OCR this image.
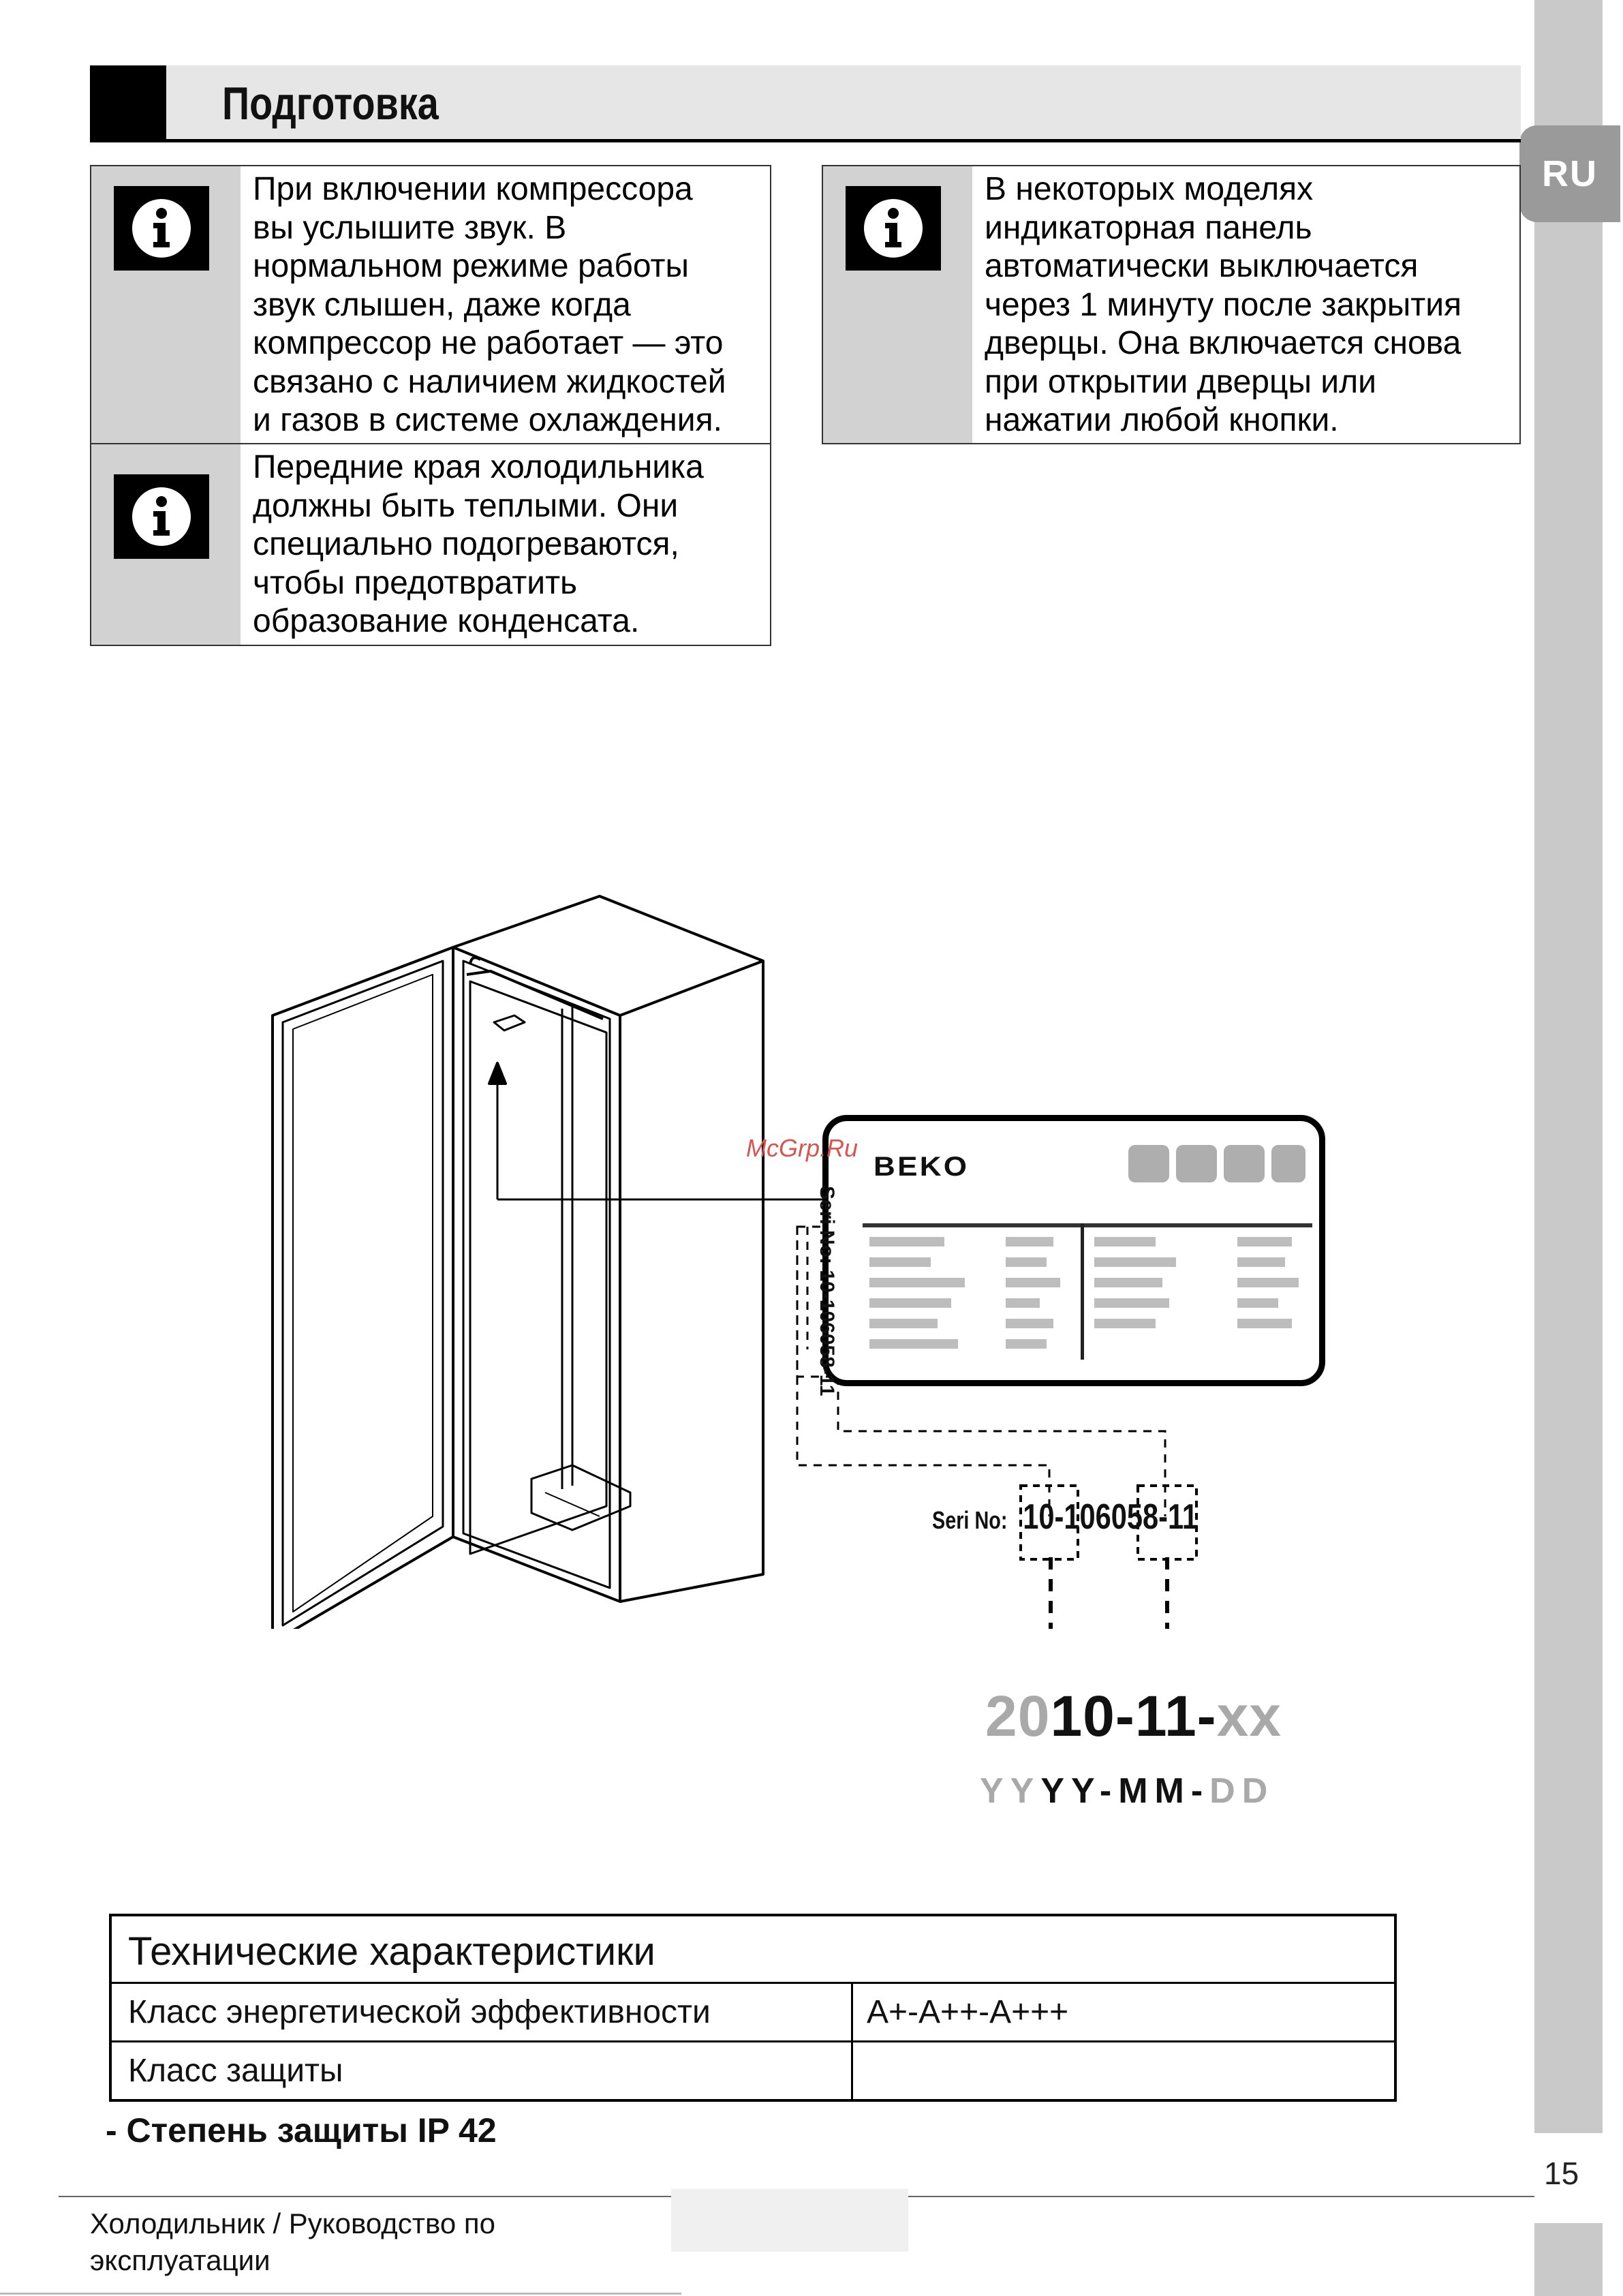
RU
Подготовка
При включении компрессора
вы услышите звук. В
нормальном режиме работы
звук слышен, даже когда
компрессор не работает — это
связано с наличием жидкостей
и газов в системе охлаждения.
Передние края холодильника
должны быть теплыми. Они
специально подогреваются,
чтобы предотвратить
образование конденсата.
В некоторых моделях
индикаторная панель
автоматически выключается
через 1 минуту после закрытия
дверцы. Она включается снова
при открытии дверцы или
нажатии любой кнопки.
McGrp.Ru
BEKO
Seri No: 10-106058-11
Seri No: 10-106058-11
2010-11-xx
YYYY-MM-DD
Технические характеристики
Класс энергетической эффективности	A+-A++-A+++
Класс защиты
- Степень защиты IP 42
15
Холодильник / Руководство по
эксплуатации
